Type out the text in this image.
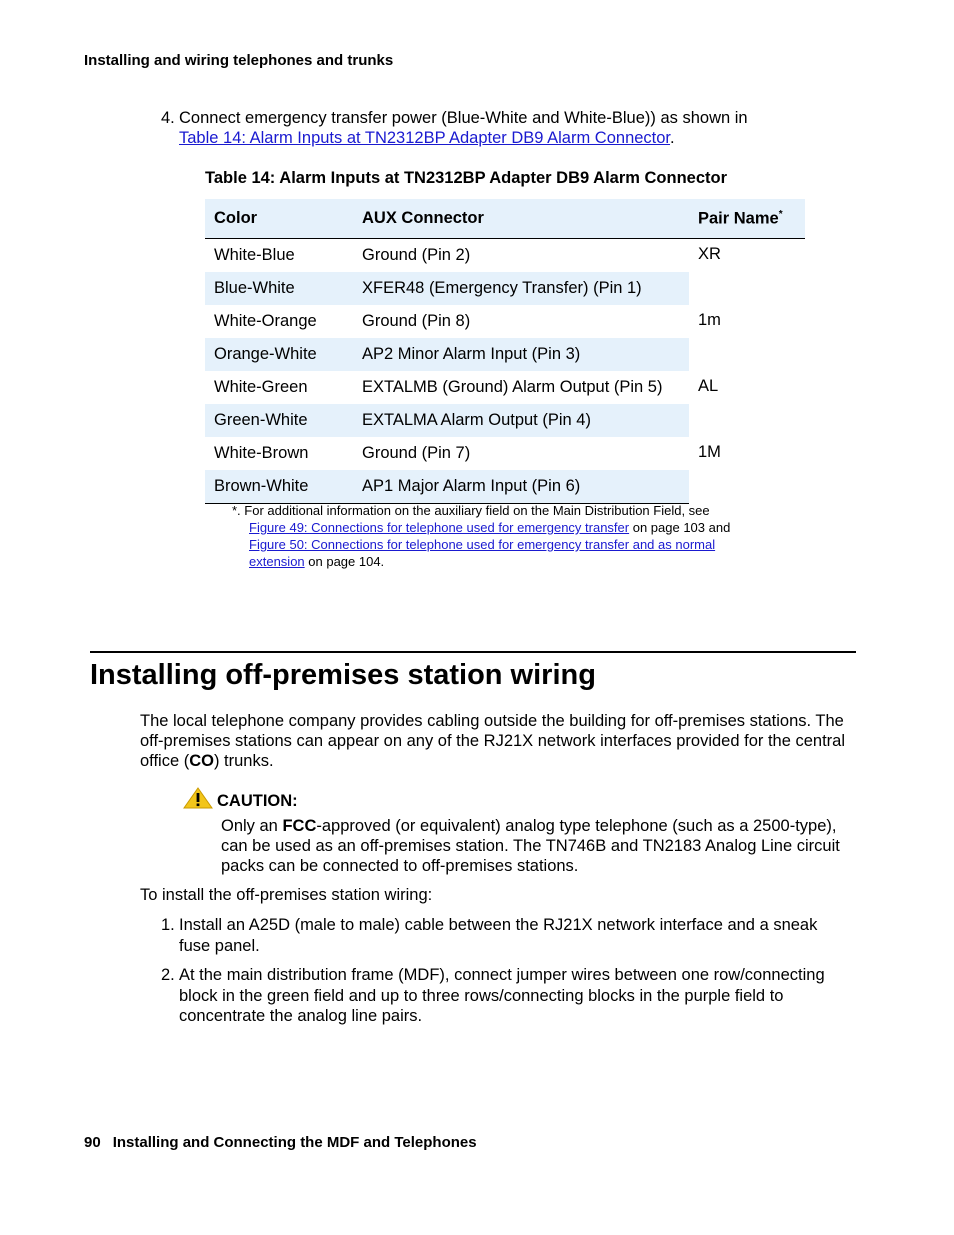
Installing and wiring telephones and trunks
4. Connect emergency transfer power (Blue-White and White-Blue)) as shown in
Table 14: Alarm Inputs at TN2312BP Adapter DB9 Alarm Connector.
Table 14: Alarm Inputs at TN2312BP Adapter DB9 Alarm Connector
Color	AUX Connector	Pair Name*
White-Blue	Ground (Pin 2)	XR
Blue-White	XFER48 (Emergency Transfer) (Pin 1)	
White-Orange	Ground (Pin 8)	1m
Orange-White	AP2 Minor Alarm Input (Pin 3)	
White-Green	EXTALMB (Ground) Alarm Output (Pin 5)	AL
Green-White	EXTALMA Alarm Output (Pin 4)	
White-Brown	Ground (Pin 7)	1M
Brown-White	AP1 Major Alarm Input (Pin 6)	
*. For additional information on the auxiliary field on the Main Distribution Field, see
Figure 49: Connections for telephone used for emergency transfer on page 103 and
Figure 50: Connections for telephone used for emergency transfer and as normal
extension on page 104.
Installing off-premises station wiring
The local telephone company provides cabling outside the building for off-premises stations. The off-premises stations can appear on any of the RJ21X network interfaces provided for the central office (CO) trunks.
CAUTION:
Only an FCC-approved (or equivalent) analog type telephone (such as a 2500-type), can be used as an off-premises station. The TN746B and TN2183 Analog Line circuit packs can be connected to off-premises stations.
To install the off-premises station wiring:
1. Install an A25D (male to male) cable between the RJ21X network interface and a sneak fuse panel.
2. At the main distribution frame (MDF), connect jumper wires between one row/connecting block in the green field and up to three rows/connecting blocks in the purple field to concentrate the analog line pairs.
90 Installing and Connecting the MDF and Telephones
